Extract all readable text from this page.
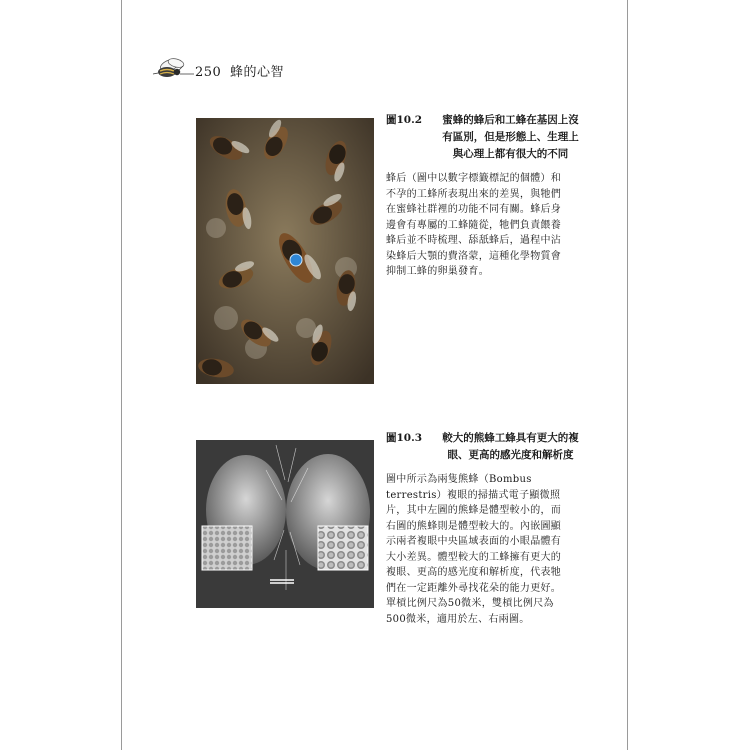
250 蜂的心智
圖10.2	蜜蜂的蜂后和工蜂在基因上沒
有區別，但是形態上、生理上
與心理上都有很大的不同
蜂后（圖中以數字標籤標記的個體）和
不孕的工蜂所表現出來的差異，與牠們
在蜜蜂社群裡的功能不同有關。蜂后身
邊會有專屬的工蜂隨從，牠們負責餵養
蜂后並不時梳理、舔舐蜂后，過程中沾
染蜂后大顎的費洛蒙，這種化學物質會
抑制工蜂的卵巢發育。
圖10.3	較大的熊蜂工蜂具有更大的複
眼、更高的感光度和解析度
圖中所示為兩隻熊蜂（Bombus
terrestris）複眼的掃描式電子顯微照
片，其中左圖的熊蜂是體型較小的，而
右圖的熊蜂則是體型較大的。內嵌圖顯
示兩者複眼中央區域表面的小眼晶體有
大小差異。體型較大的工蜂擁有更大的
複眼、更高的感光度和解析度，代表牠
們在一定距離外尋找花朵的能力更好。
單槓比例尺為50微米，雙槓比例尺為
500微米，適用於左、右兩圖。
